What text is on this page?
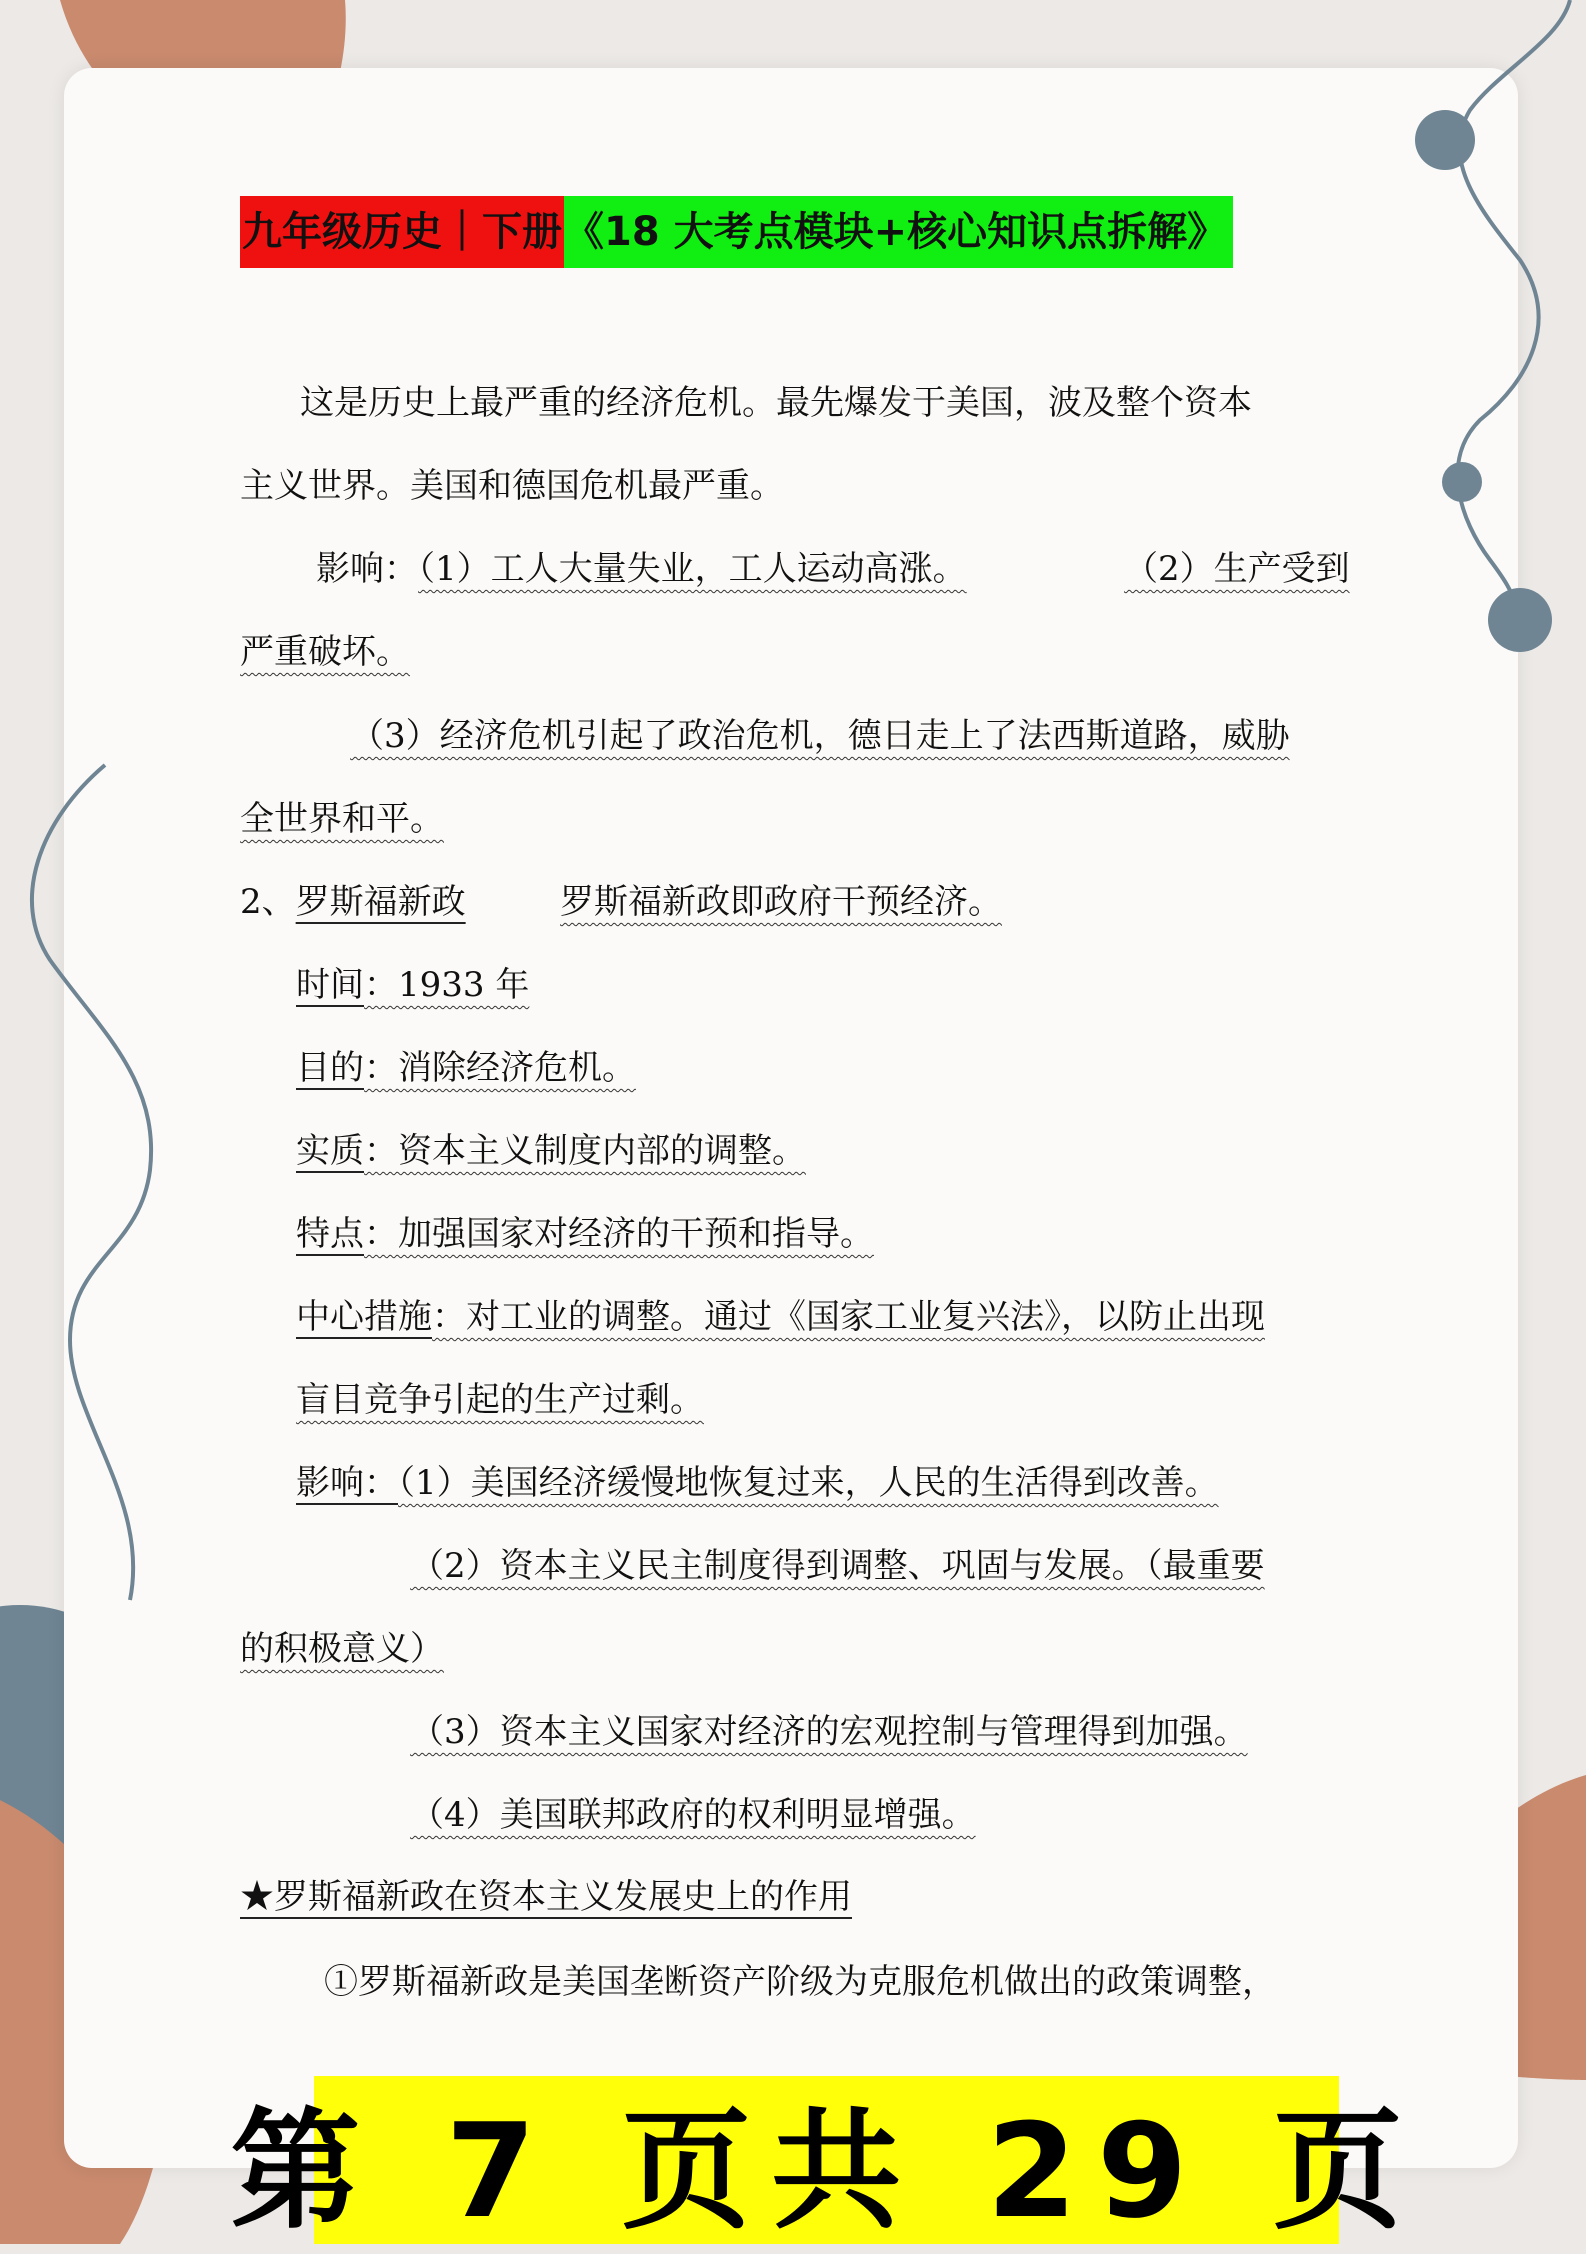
九年级历史｜下册 《18 大考点模块+核心知识点拆解》
这是历史上最严重的经济危机。最先爆发于美国，波及整个资本
主义世界。美国和德国危机最严重。
影响：（1）工人大量失业，工人运动高涨。	（2）生产受到
严重破坏。
（3）经济危机引起了政治危机，德日走上了法西斯道路，威胁
全世界和平。
2、罗斯福新政	罗斯福新政即政府干预经济。
时间：1933 年
目的：消除经济危机。
实质：资本主义制度内部的调整。
特点：加强国家对经济的干预和指导。
中心措施：对工业的调整。通过《国家工业复兴法》，以防止出现
盲目竞争引起的生产过剩。
影响：（1）美国经济缓慢地恢复过来，人民的生活得到改善。
（2）资本主义民主制度得到调整、巩固与发展。（最重要
的积极意义）
（3）资本主义国家对经济的宏观控制与管理得到加强。
（4）美国联邦政府的权利明显增强。
★罗斯福新政在资本主义发展史上的作用
①罗斯福新政是美国垄断资产阶级为克服危机做出的政策调整，
第 7 页共 29 页
